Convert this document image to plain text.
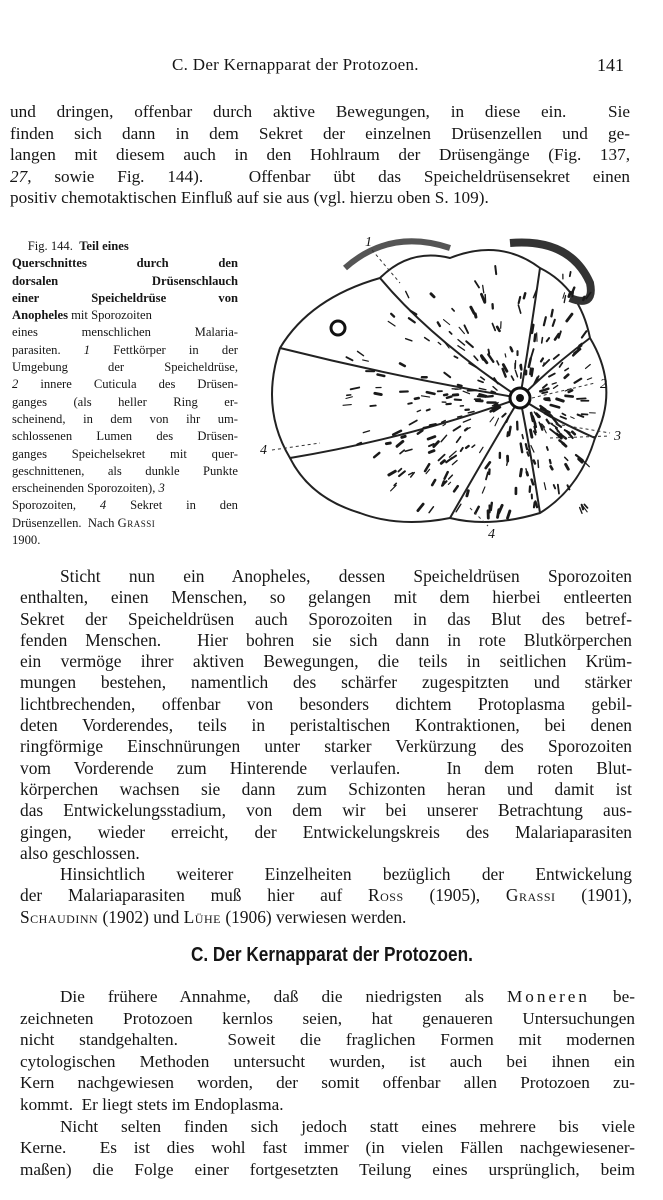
C. Der Kernapparat der Protozoen.	141
und dringen, offenbar durch aktive Bewegungen, in diese ein.  Sie
finden sich dann in dem Sekret der einzelnen Drüsenzellen und ge-
langen mit diesem auch in den Hohlraum der Drüsengänge (Fig. 137,
27, sowie Fig. 144).  Offenbar übt das Speicheldrüsensekret einen
positiv chemotaktischen Einfluß auf sie aus (vgl. hierzu oben S. 109).
Fig. 144.  Teil eines
Querschnittes durch den
dorsalen Drüsenschlauch
einer Speicheldrüse von
Anopheles mit Sporozoiten
eines menschlichen Malaria-
parasiten. 1 Fettkörper in der
Umgebung der Speicheldrüse,
2 innere Cuticula des Drüsen-
ganges (als heller Ring er-
scheinend, in dem von ihr um-
schlossenen Lumen des Drüsen-
ganges Speichelsekret mit quer-
geschnittenen, als dunkle Punkte
erscheinenden Sporozoiten), 3
Sporozoiten, 4 Sekret in den
Drüsenzellen.  Nach Grassi
1900.
1
2
3
4
4
Sticht nun ein Anopheles, dessen Speicheldrüsen Sporozoiten
enthalten, einen Menschen, so gelangen mit dem hierbei entleerten
Sekret der Speicheldrüsen auch Sporozoiten in das Blut des betref-
fenden Menschen.  Hier bohren sie sich dann in rote Blutkörperchen
ein vermöge ihrer aktiven Bewegungen, die teils in seitlichen Krüm-
mungen bestehen, namentlich des schärfer zugespitzten und stärker
lichtbrechenden, offenbar von besonders dichtem Protoplasma gebil-
deten Vorderendes, teils in peristaltischen Kontraktionen, bei denen
ringförmige Einschnürungen unter starker Verkürzung des Sporozoiten
vom Vorderende zum Hinterende verlaufen.  In dem roten Blut-
körperchen wachsen sie dann zum Schizonten heran und damit ist
das Entwickelungsstadium, von dem wir bei unserer Betrachtung aus-
gingen, wieder erreicht, der Entwickelungskreis des Malariaparasiten
also geschlossen.
Hinsichtlich weiterer Einzelheiten bezüglich der Entwickelung
der Malariaparasiten muß hier auf Ross (1905), Grassi (1901),
Schaudinn (1902) und Lühe (1906) verwiesen werden.
C. Der Kernapparat der Protozoen.
Die frühere Annahme, daß die niedrigsten als Moneren be-
zeichneten Protozoen kernlos seien, hat genaueren Untersuchungen
nicht standgehalten.  Soweit die fraglichen Formen mit modernen
cytologischen Methoden untersucht wurden, ist auch bei ihnen ein
Kern nachgewiesen worden, der somit offenbar allen Protozoen zu-
kommt.  Er liegt stets im Endoplasma.
Nicht selten finden sich jedoch statt eines mehrere bis viele
Kerne.  Es ist dies wohl fast immer (in vielen Fällen nachgewiesener-
maßen) die Folge einer fortgesetzten Teilung eines ursprünglich, beim
